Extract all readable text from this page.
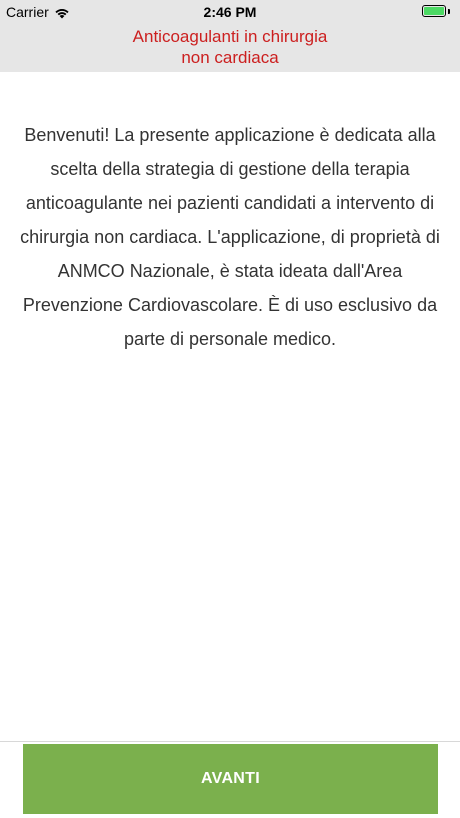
Carrier	2:46 PM
Anticoagulanti in chirurgia
non cardiaca
Benvenuti! La presente applicazione è dedicata alla scelta della strategia di gestione della terapia anticoagulante nei pazienti candidati a intervento di chirurgia non cardiaca. L'applicazione, di proprietà di ANMCO Nazionale, è stata ideata dall'Area Prevenzione Cardiovascolare. È di uso esclusivo da parte di personale medico.
AVANTI
